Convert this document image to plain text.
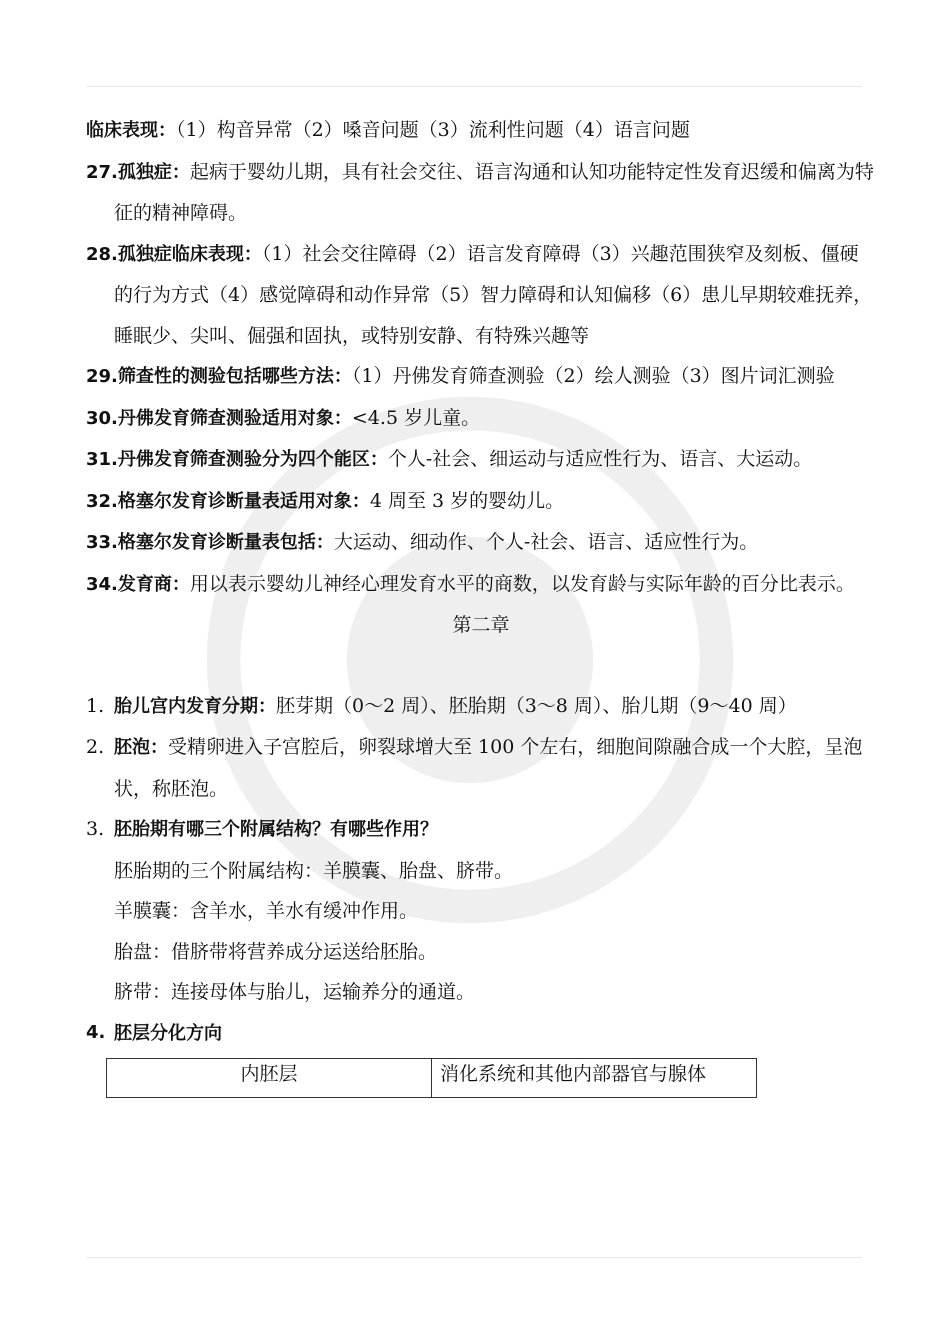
临床表现：（1）构音异常（2）嗓音问题（3）流利性问题（4）语言问题

27.孤独症：起病于婴幼儿期，具有社会交往、语言沟通和认知功能特定性发育迟缓和偏离为特征的精神障碍。

28.孤独症临床表现：（1）社会交往障碍（2）语言发育障碍（3）兴趣范围狭窄及刻板、僵硬的行为方式（4）感觉障碍和动作异常（5）智力障碍和认知偏移（6）患儿早期较难抚养，睡眠少、尖叫、倔强和固执，或特别安静、有特殊兴趣等

29.筛查性的测验包括哪些方法：（1）丹佛发育筛查测验（2）绘人测验（3）图片词汇测验

30.丹佛发育筛查测验适用对象：<4.5 岁儿童。

31.丹佛发育筛查测验分为四个能区：个人-社会、细运动与适应性行为、语言、大运动。

32.格塞尔发育诊断量表适用对象：4 周至 3 岁的婴幼儿。

33.格塞尔发育诊断量表包括：大运动、细动作、个人-社会、语言、适应性行为。

34.发育商：用以表示婴幼儿神经心理发育水平的商数，以发育龄与实际年龄的百分比表示。

第二章

1. 胎儿宫内发育分期：胚芽期（0～2 周）、胚胎期（3～8 周）、胎儿期（9～40 周）
2. 胚泡：受精卵进入子宫腔后，卵裂球增大至 100 个左右，细胞间隙融合成一个大腔，呈泡状，称胚泡。
3. 胚胎期有哪三个附属结构？有哪些作用？

胚胎期的三个附属结构：羊膜囊、胎盘、脐带。

羊膜囊：含羊水，羊水有缓冲作用。

胎盘：借脐带将营养成分运送给胚胎。

脐带：连接母体与胎儿，运输养分的通道。

4. 胚层分化方向
内胚层	消化系统和其他内部器官与腺体
